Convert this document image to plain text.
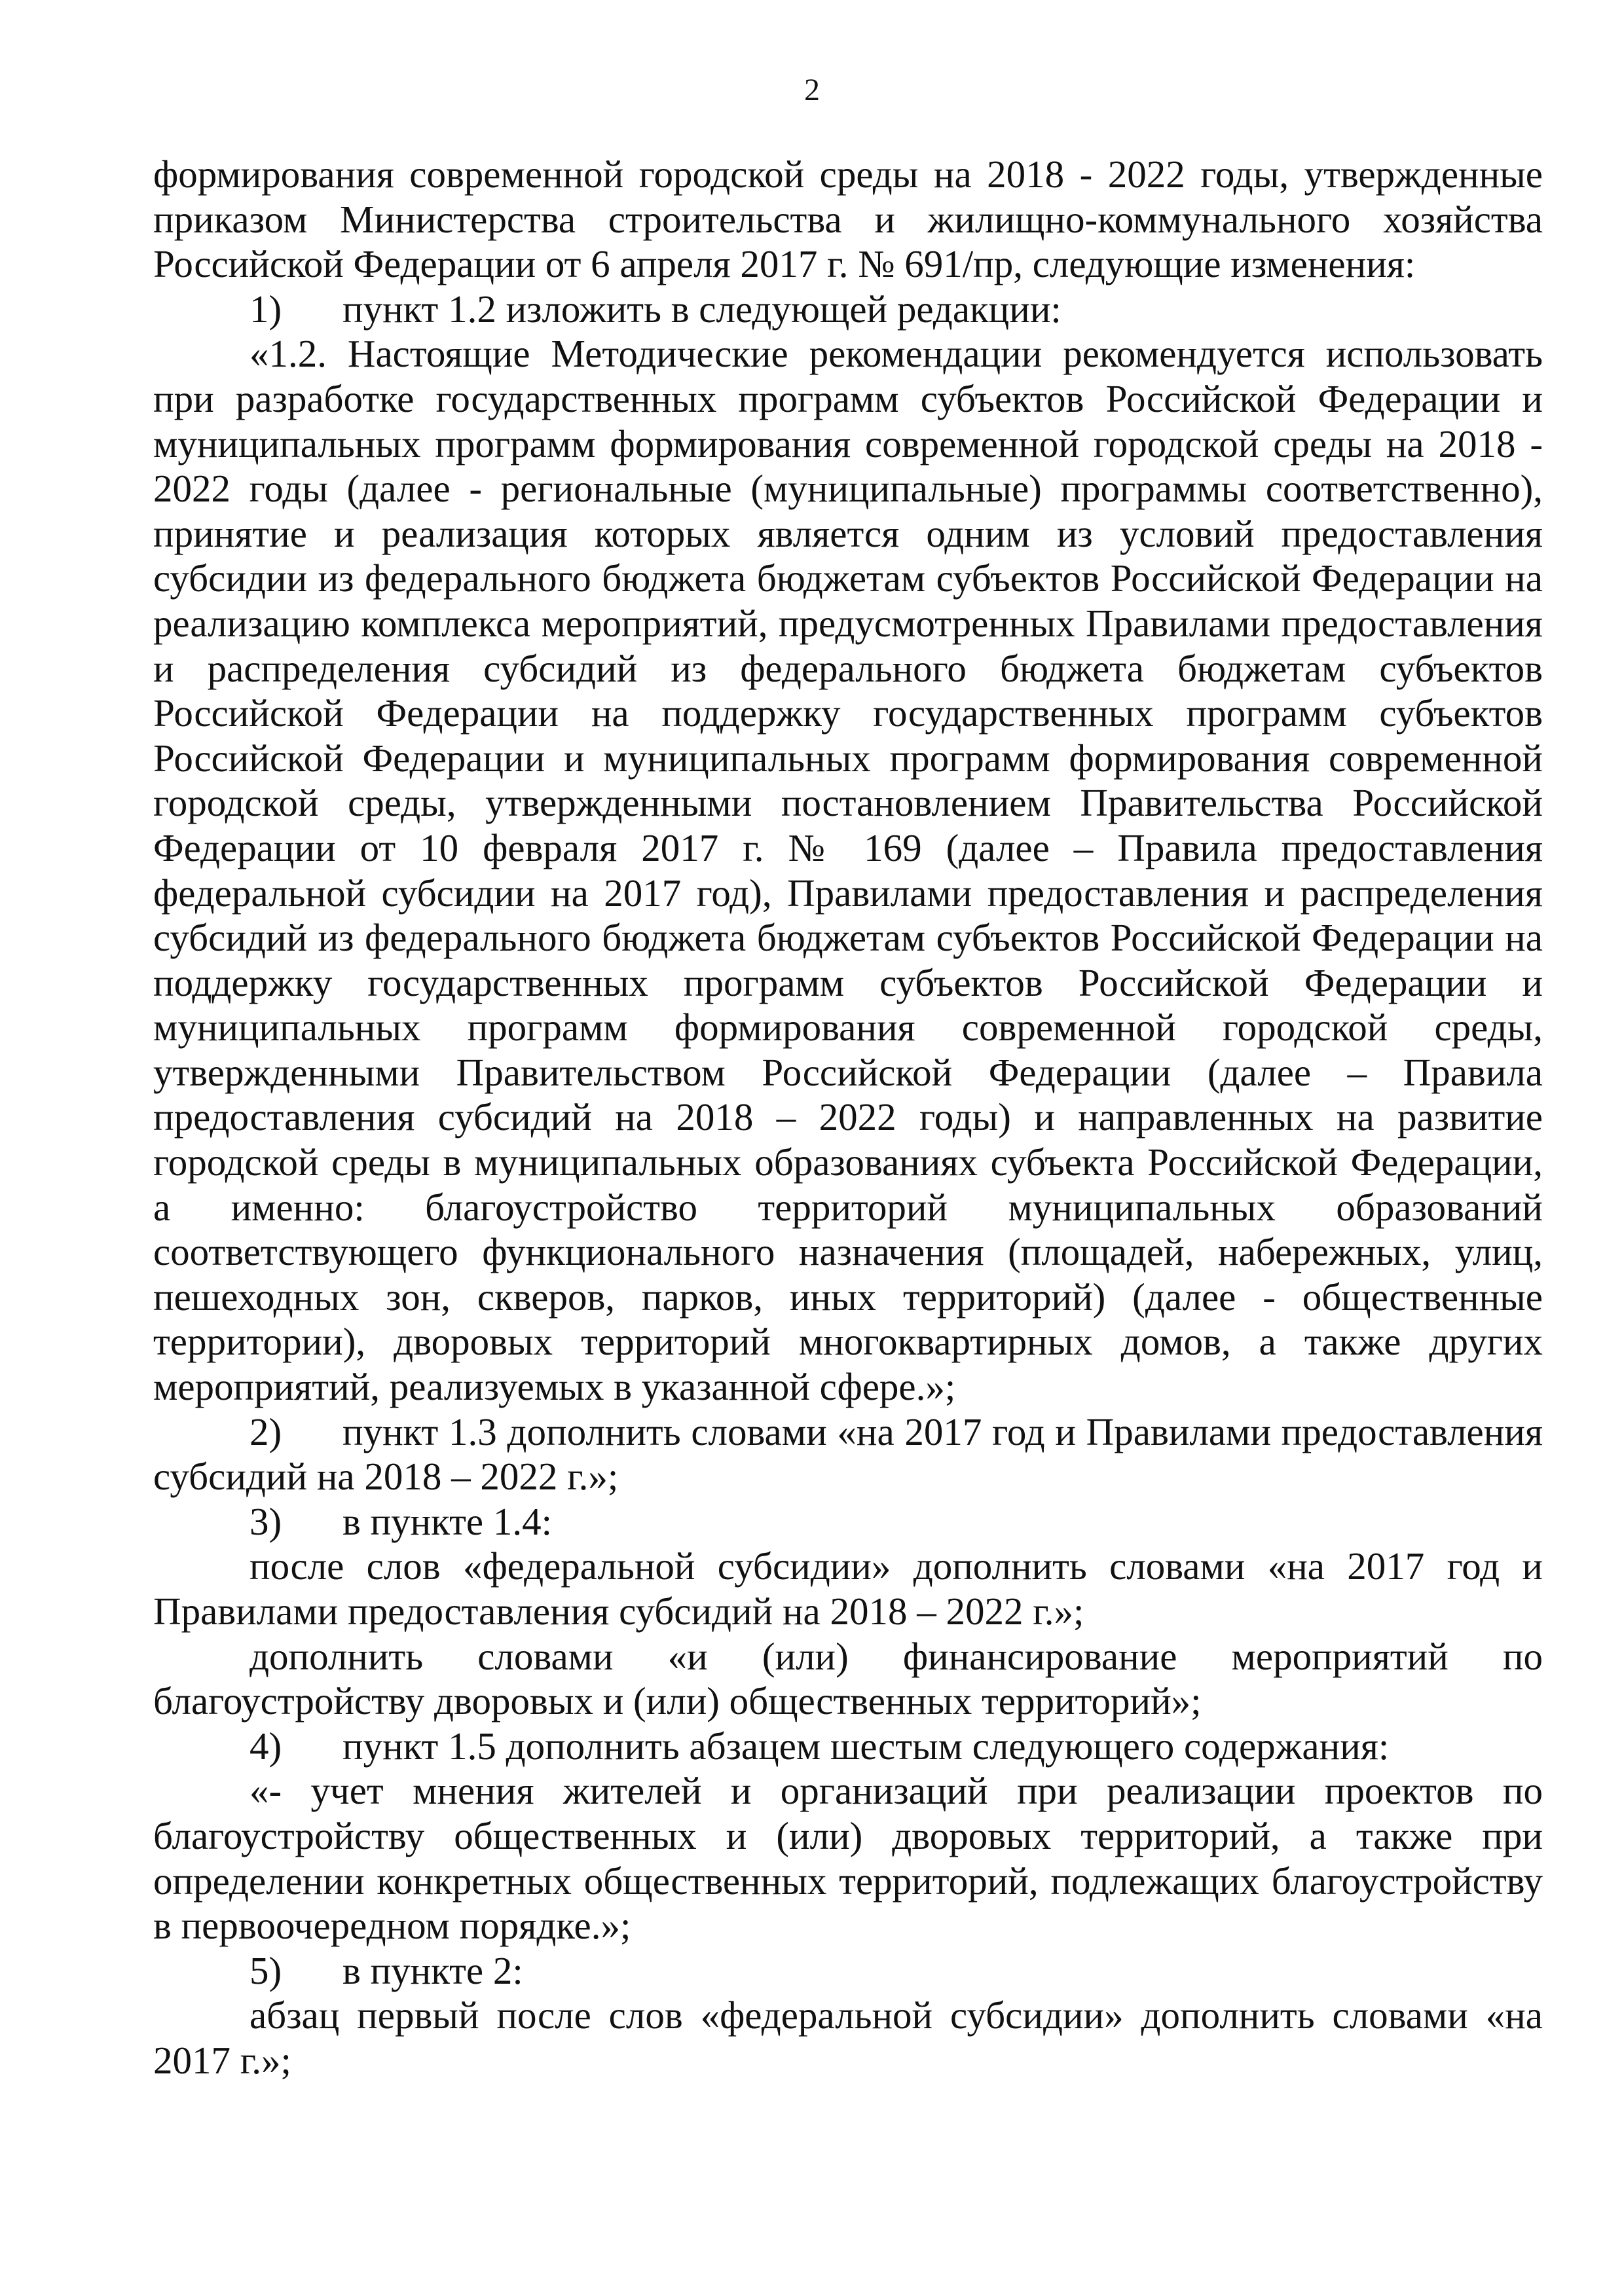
2

формирования современной городской среды на 2018 - 2022 годы, утвержденные приказом Министерства строительства и жилищно-коммунального хозяйства Российской Федерации от 6 апреля 2017 г. № 691/пр, следующие изменения:

1) пункт 1.2 изложить в следующей редакции:

«1.2. Настоящие Методические рекомендации рекомендуется использовать при разработке государственных программ субъектов Российской Федерации и муниципальных программ формирования современной городской среды на 2018 - 2022 годы (далее - региональные (муниципальные) программы соответственно), принятие и реализация которых является одним из условий предоставления субсидии из федерального бюджета бюджетам субъектов Российской Федерации на реализацию комплекса мероприятий, предусмотренных Правилами предоставления и распределения субсидий из федерального бюджета бюджетам субъектов Российской Федерации на поддержку государственных программ субъектов Российской Федерации и муниципальных программ формирования современной городской среды, утвержденными постановлением Правительства Российской Федерации от 10 февраля 2017 г. № 169 (далее – Правила предоставления федеральной субсидии на 2017 год), Правилами предоставления и распределения субсидий из федерального бюджета бюджетам субъектов Российской Федерации на поддержку государственных программ субъектов Российской Федерации и муниципальных программ формирования современной городской среды, утвержденными Правительством Российской Федерации (далее – Правила предоставления субсидий на 2018 – 2022 годы) и направленных на развитие городской среды в муниципальных образованиях субъекта Российской Федерации, а именно: благоустройство территорий муниципальных образований соответствующего функционального назначения (площадей, набережных, улиц, пешеходных зон, скверов, парков, иных территорий) (далее - общественные территории), дворовых территорий многоквартирных домов, а также других мероприятий, реализуемых в указанной сфере.»;

2) пункт 1.3 дополнить словами «на 2017 год и Правилами предоставления субсидий на 2018 – 2022 г.»;

3) в пункте 1.4:

после слов «федеральной субсидии» дополнить словами «на 2017 год и Правилами предоставления субсидий на 2018 – 2022 г.»;

дополнить словами «и (или) финансирование мероприятий по благоустройству дворовых и (или) общественных территорий»;

4) пункт 1.5 дополнить абзацем шестым следующего содержания:

«- учет мнения жителей и организаций при реализации проектов по благоустройству общественных и (или) дворовых территорий, а также при определении конкретных общественных территорий, подлежащих благоустройству в первоочередном порядке.»;

5) в пункте 2:

абзац первый после слов «федеральной субсидии» дополнить словами «на 2017 г.»;
